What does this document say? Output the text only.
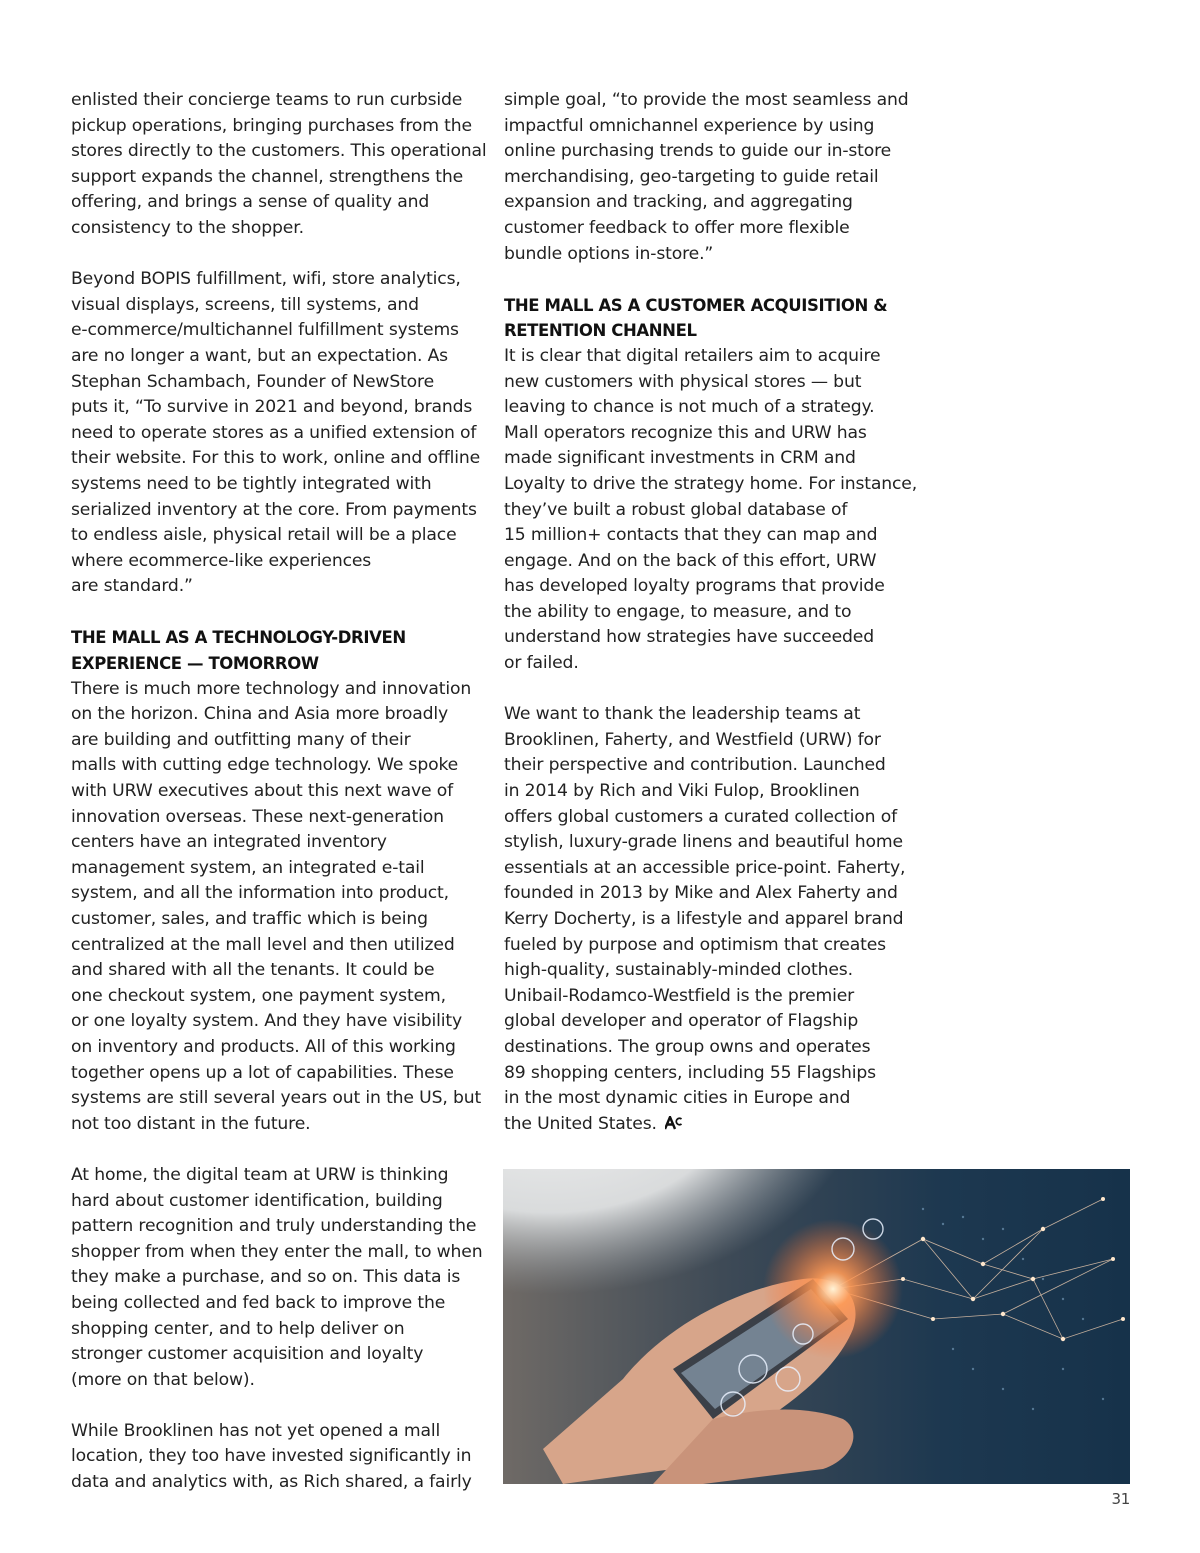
enlisted their concierge teams to run curbside
pickup operations, bringing purchases from the
stores directly to the customers. This operational
support expands the channel, strengthens the
offering, and brings a sense of quality and
consistency to the shopper.

Beyond BOPIS fulfillment, wifi, store analytics,
visual displays, screens, till systems, and
e-commerce/multichannel fulfillment systems
are no longer a want, but an expectation. As
Stephan Schambach, Founder of NewStore
puts it, “To survive in 2021 and beyond, brands
need to operate stores as a unified extension of
their website. For this to work, online and offline
systems need to be tightly integrated with
serialized inventory at the core. From payments
to endless aisle, physical retail will be a place
where ecommerce-like experiences
are standard.”

THE MALL AS A TECHNOLOGY-DRIVEN
EXPERIENCE — TOMORROW

There is much more technology and innovation
on the horizon. China and Asia more broadly
are building and outfitting many of their
malls with cutting edge technology. We spoke
with URW executives about this next wave of
innovation overseas. These next-generation
centers have an integrated inventory
management system, an integrated e-tail
system, and all the information into product,
customer, sales, and traffic which is being
centralized at the mall level and then utilized
and shared with all the tenants. It could be
one checkout system, one payment system,
or one loyalty system. And they have visibility
on inventory and products. All of this working
together opens up a lot of capabilities. These
systems are still several years out in the US, but
not too distant in the future.

At home, the digital team at URW is thinking
hard about customer identification, building
pattern recognition and truly understanding the
shopper from when they enter the mall, to when
they make a purchase, and so on. This data is
being collected and fed back to improve the
shopping center, and to help deliver on
stronger customer acquisition and loyalty
(more on that below).

While Brooklinen has not yet opened a mall
location, they too have invested significantly in
data and analytics with, as Rich shared, a fairly

simple goal, “to provide the most seamless and
impactful omnichannel experience by using
online purchasing trends to guide our in-store
merchandising, geo-targeting to guide retail
expansion and tracking, and aggregating
customer feedback to offer more flexible
bundle options in-store.”

THE MALL AS A CUSTOMER ACQUISITION &
RETENTION CHANNEL

It is clear that digital retailers aim to acquire
new customers with physical stores — but
leaving to chance is not much of a strategy.
Mall operators recognize this and URW has
made significant investments in CRM and
Loyalty to drive the strategy home. For instance,
they’ve built a robust global database of
15 million+ contacts that they can map and
engage. And on the back of this effort, URW
has developed loyalty programs that provide
the ability to engage, to measure, and to
understand how strategies have succeeded
or failed.

We want to thank the leadership teams at
Brooklinen, Faherty, and Westfield (URW) for
their perspective and contribution. Launched
in 2014 by Rich and Viki Fulop, Brooklinen
offers global customers a curated collection of
stylish, luxury-grade linens and beautiful home
essentials at an accessible price-point. Faherty,
founded in 2013 by Mike and Alex Faherty and
Kerry Docherty, is a lifestyle and apparel brand
fueled by purpose and optimism that creates
high-quality, sustainably-minded clothes.
Unibail-Rodamco-Westfield is the premier
global developer and operator of Flagship
destinations. The group owns and operates
89 shopping centers, including 55 Flagships
in the most dynamic cities in Europe and
the United States.

31
